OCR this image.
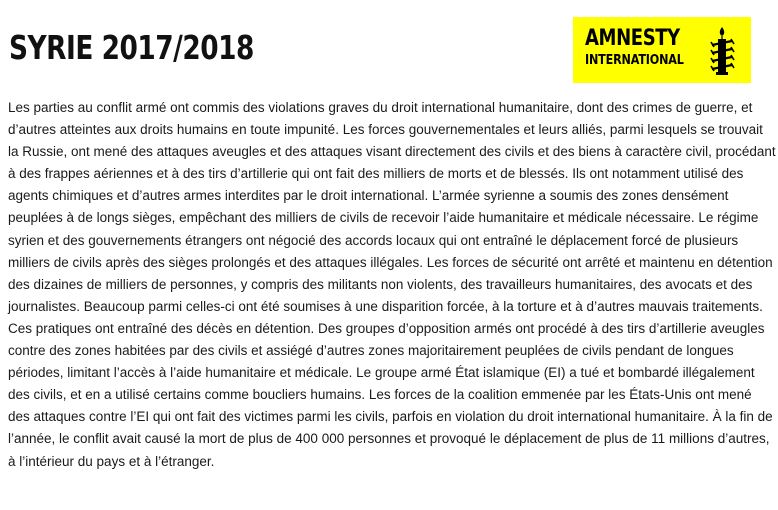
SYRIE 2017/2018	AMNESTY
INTERNATIONAL

Les parties au conflit armé ont commis des violations graves du droit international humanitaire, dont des crimes de guerre, et d’autres atteintes aux droits humains en toute impunité. Les forces gouvernementales et leurs alliés, parmi lesquels se trouvait la Russie, ont mené des attaques aveugles et des attaques visant directement des civils et des biens à caractère civil, procédant à des frappes aériennes et à des tirs d’artillerie qui ont fait des milliers de morts et de blessés. Ils ont notamment utilisé des agents chimiques et d’autres armes interdites par le droit international. L’armée syrienne a soumis des zones densément peuplées à de longs sièges, empêchant des milliers de civils de recevoir l’aide humanitaire et médicale nécessaire. Le régime syrien et des gouvernements étrangers ont négocié des accords locaux qui ont entraîné le déplacement forcé de plusieurs milliers de civils après des sièges prolongés et des attaques illégales. Les forces de sécurité ont arrêté et maintenu en détention des dizaines de milliers de personnes, y compris des militants non violents, des travailleurs humanitaires, des avocats et des journalistes. Beaucoup parmi celles-ci ont été soumises à une disparition forcée, à la torture et à d’autres mauvais traitements. Ces pratiques ont entraîné des décès en détention. Des groupes d’opposition armés ont procédé à des tirs d’artillerie aveugles contre des zones habitées par des civils et assiégé d’autres zones majoritairement peuplées de civils pendant de longues périodes, limitant l’accès à l’aide humanitaire et médicale. Le groupe armé État islamique (EI) a tué et bombardé illégalement des civils, et en a utilisé certains comme boucliers humains. Les forces de la coalition emmenée par les États-Unis ont mené des attaques contre l’EI qui ont fait des victimes parmi les civils, parfois en violation du droit international humanitaire. À la fin de l’année, le conflit avait causé la mort de plus de 400 000 personnes et provoqué le déplacement de plus de 11 millions d’autres, à l’intérieur du pays et à l’étranger.
